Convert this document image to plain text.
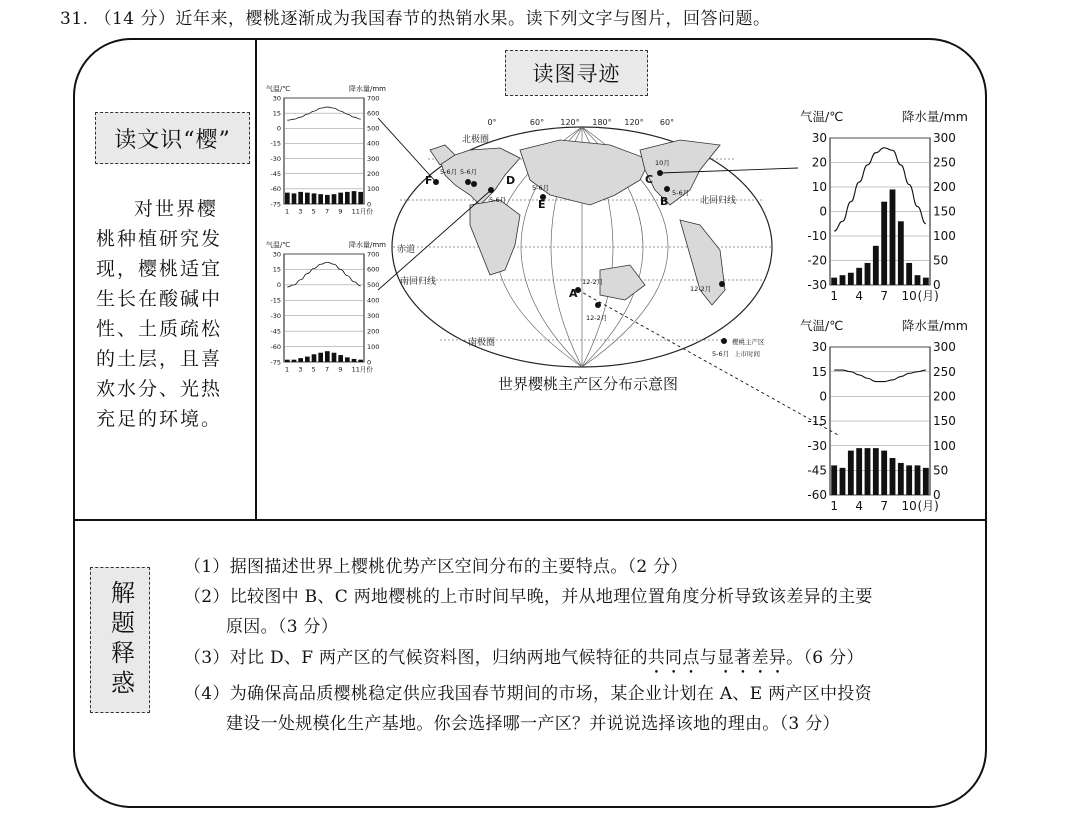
31. （14 分）近年来，樱桃逐渐成为我国春节的热销水果。读下列文字与图片，回答问题。
读文识“樱”
对世界樱桃种植研究发现，樱桃适宜生长在酸碱中性、土质疏松的土层，且喜欢水分、光热充足的环境。
读图寻迹
0°	60° 120° 180° 120° 60°
北极圈
北回归线
赤道
南回归线
南极圈
F	D	C
B
E
A
5-6月 5-6月
5-6月
5-6月
10月
5-6月
12-2月
12-2月
12-2月
樱桃主产区
5-6月 上市时间
世界樱桃主产区分布示意图
30	700
15	600
0	500
-15	400
-30	300
-45	200
-60	100
-75	0
1 3 5 7 9 11月份
气温/℃	降水量/mm
30	700
15	600
0	500
-15	400
-30	300
-45	200
-60	100
-75	0
1 3 5 7 9 11月份
气温/℃	降水量/mm
30	300
20	250
10	200
0	150
-10	100
-20	50
-30	0
1 4 7 10 (月)
气温/℃	降水量/mm
30	300
15	250
0	200
-15	150
-30	100
-45	50
-60	0
1 4 7 10 (月)
气温/℃	降水量/mm
解题释惑
（1）据图描述世界上樱桃优势产区空间分布的主要特点。（2 分）
（2）比较图中 B、C 两地樱桃的上市时间早晚，并从地理位置角度分析导致该差异的主要
原因。（3 分）
（3）对比 D、F 两产区的气候资料图，归纳两地气候特征的共同点与显著差异。（6 分）
（4）为确保高品质樱桃稳定供应我国春节期间的市场，某企业计划在 A、E 两产区中投资
建设一处规模化生产基地。你会选择哪一产区？并说说选择该地的理由。（3 分）
